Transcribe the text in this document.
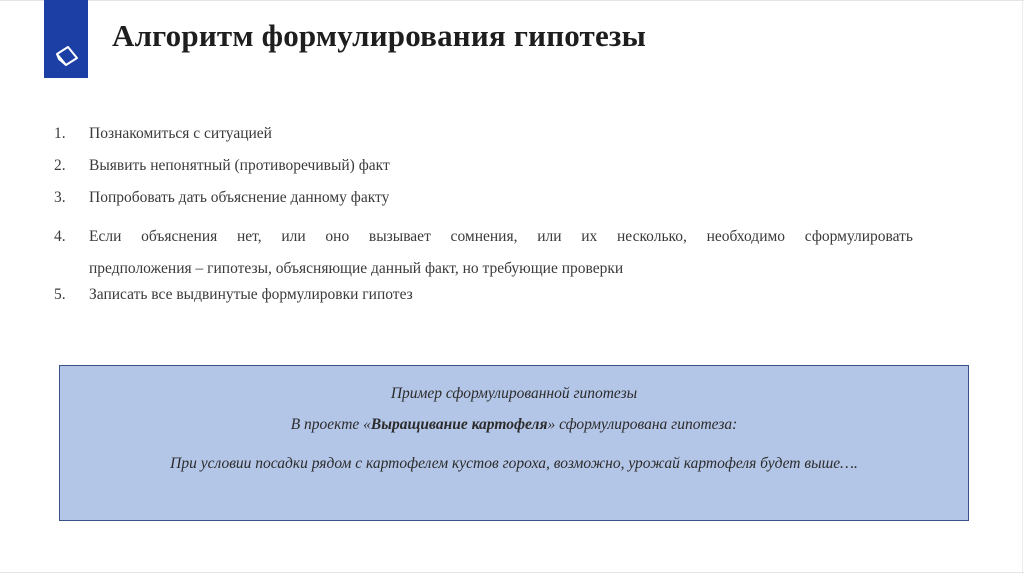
Алгоритм формулирования гипотезы
1. Познакомиться с ситуацией
2. Выявить непонятный (противоречивый) факт
3. Попробовать дать объяснение данному факту
4. Если объяснения нет, или оно вызывает сомнения, или их несколько, необходимо сформулировать
предположения – гипотезы, объясняющие данный факт, но требующие проверки
5. Записать все выдвинутые формулировки гипотез
Пример сформулированной гипотезы
В проекте «Выращивание картофеля» сформулирована гипотеза:
При условии посадки рядом с картофелем кустов гороха, возможно, урожай картофеля будет выше….
